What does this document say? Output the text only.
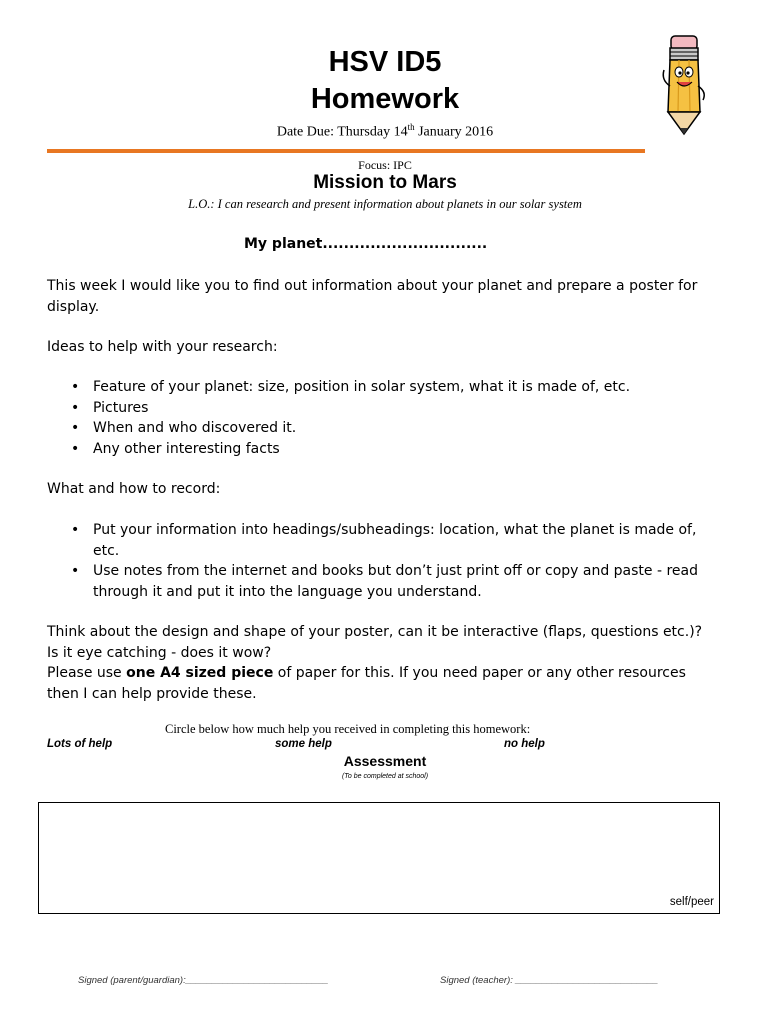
HSV ID5
Homework
Date Due: Thursday 14th January 2016
Focus: IPC
Mission to Mars
L.O.: I can research and present information about planets in our solar system
My planet...............................

This week I would like you to find out information about your planet and prepare a poster for display.

Ideas to help with your research:
• Feature of your planet: size, position in solar system, what it is made of, etc.
• Pictures
• When and who discovered it.
• Any other interesting facts
What and how to record:
• Put your information into headings/subheadings: location, what the planet is made of, etc.
• Use notes from the internet and books but don’t just print off or copy and paste - read through it and put it into the language you understand.

Think about the design and shape of your poster, can it be interactive (flaps, questions etc.)?

Is it eye catching - does it wow?

Please use one A4 sized piece of paper for this. If you need paper or any other resources then I can help provide these.

Circle below how much help you received in completing this homework:
Lots of help	some help	no help
Assessment
(To be completed at school)
self/peer
Signed (parent/guardian):___________________________	Signed (teacher): ___________________________
